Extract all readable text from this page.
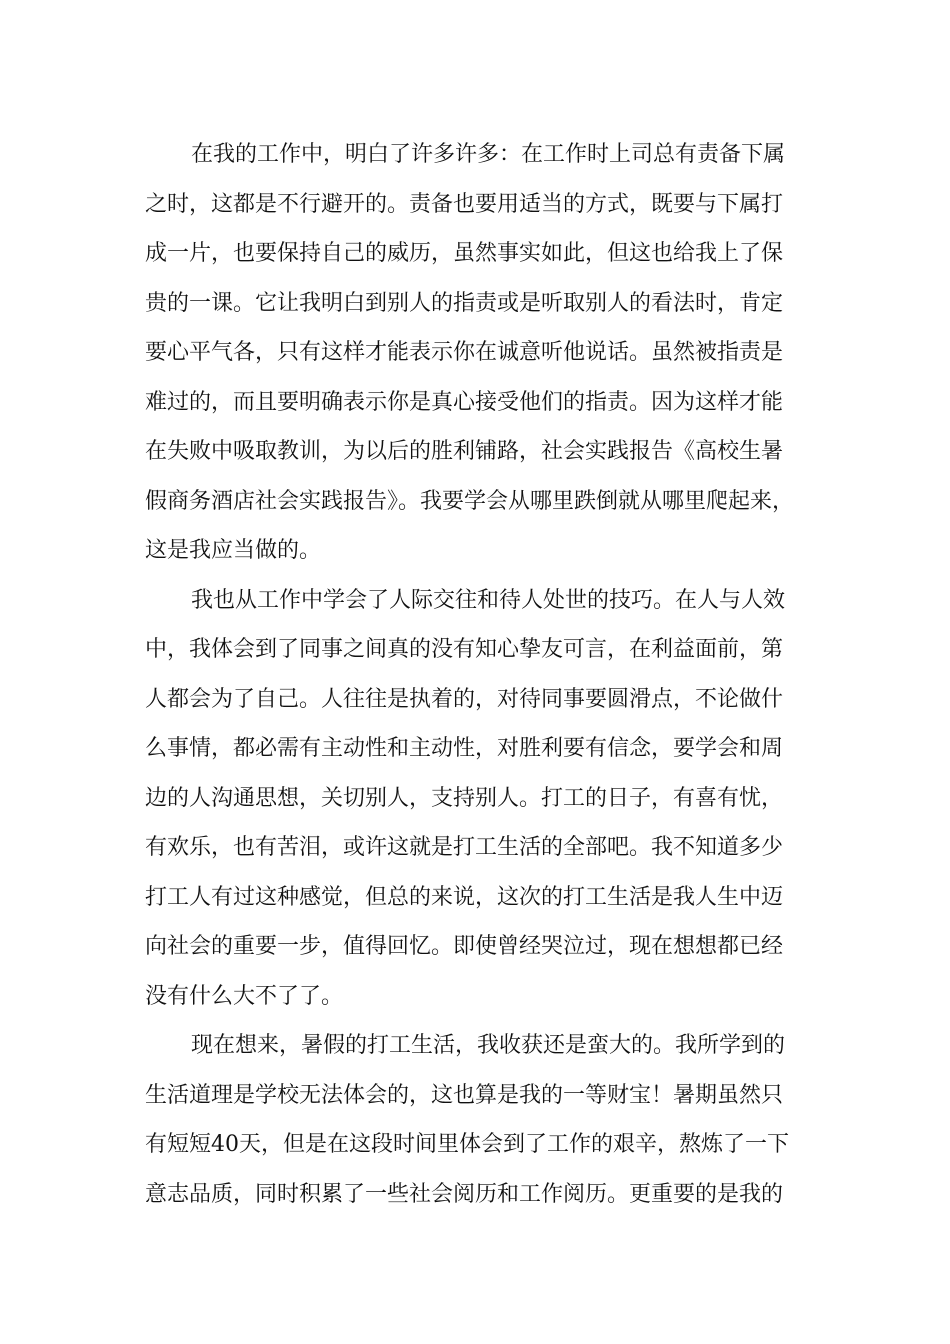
在我的工作中，明白了许多许多：在工作时上司总有责备下属
之时，这都是不行避开的。责备也要用适当的方式，既要与下属打
成一片，也要保持自己的威历，虽然事实如此，但这也给我上了保
贵的一课。它让我明白到别人的指责或是听取别人的看法时，肯定
要心平气各，只有这样才能表示你在诚意听他说话。虽然被指责是
难过的，而且要明确表示你是真心接受他们的指责。因为这样才能
在失败中吸取教训，为以后的胜利铺路，社会实践报告《高校生暑
假商务酒店社会实践报告》。我要学会从哪里跌倒就从哪里爬起来，
这是我应当做的。
我也从工作中学会了人际交往和待人处世的技巧。在人与人效
中，我体会到了同事之间真的没有知心挚友可言，在利益面前，第
人都会为了自己。人往往是执着的，对待同事要圆滑点，不论做什
么事情，都必需有主动性和主动性，对胜利要有信念，要学会和周
边的人沟通思想，关切别人，支持别人。打工的日子，有喜有忧，
有欢乐，也有苦泪，或许这就是打工生活的全部吧。我不知道多少
打工人有过这种感觉，但总的来说，这次的打工生活是我人生中迈
向社会的重要一步，值得回忆。即使曾经哭泣过，现在想想都已经
没有什么大不了了。
现在想来，暑假的打工生活，我收获还是蛮大的。我所学到的
生活道理是学校无法体会的，这也算是我的一等财宝！暑期虽然只
有短短40天，但是在这段时间里体会到了工作的艰辛，熬炼了一下
意志品质，同时积累了一些社会阅历和工作阅历。更重要的是我的
